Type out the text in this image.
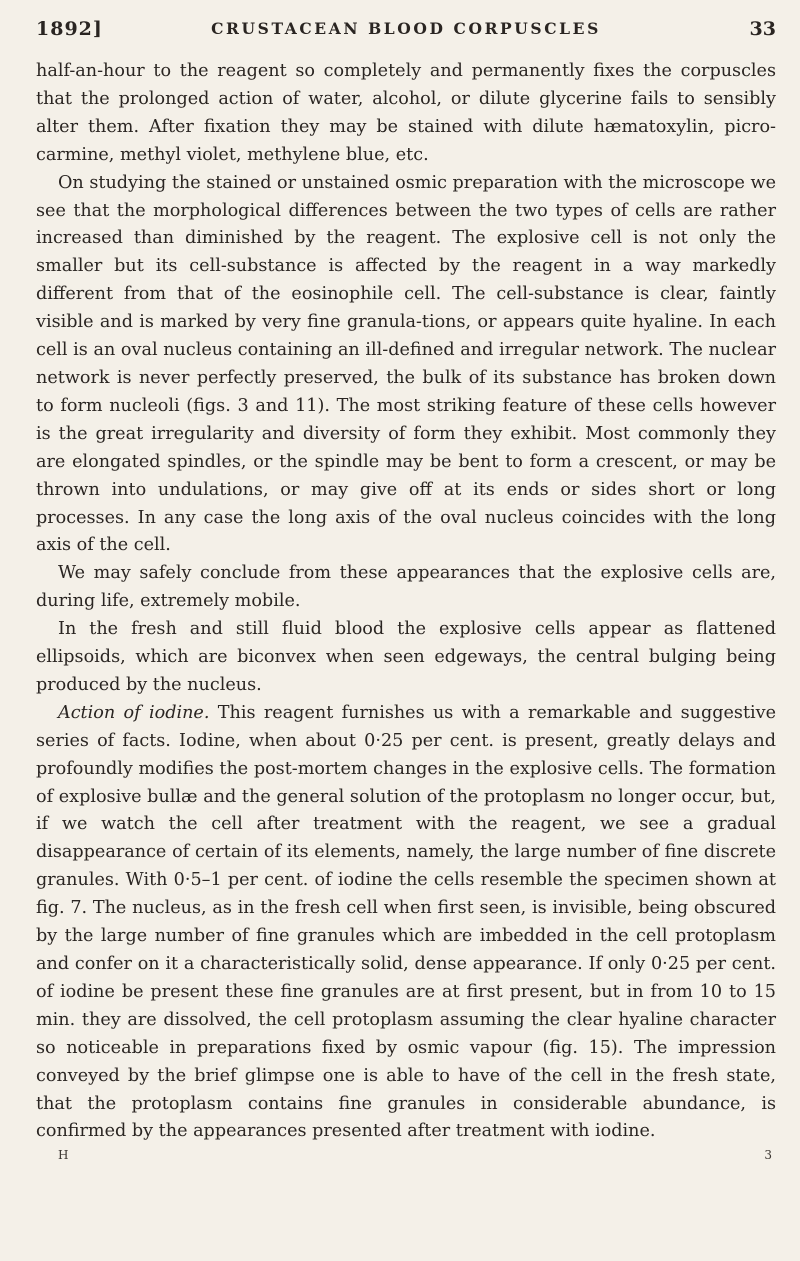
1892]	CRUSTACEAN BLOOD CORPUSCLES	33

half-an-hour to the reagent so completely and permanently fixes the corpuscles that the prolonged action of water, alcohol, or dilute glycerine fails to sensibly alter them. After fixation they may be stained with dilute hæmatoxylin, picro-carmine, methyl violet, methylene blue, etc.

On studying the stained or unstained osmic preparation with the microscope we see that the morphological differences between the two types of cells are rather increased than diminished by the reagent. The explosive cell is not only the smaller but its cell-substance is affected by the reagent in a way markedly different from that of the eosinophile cell. The cell-substance is clear, faintly visible and is marked by very fine granula-tions, or appears quite hyaline. In each cell is an oval nucleus containing an ill-defined and irregular network. The nuclear network is never perfectly preserved, the bulk of its substance has broken down to form nucleoli (figs. 3 and 11). The most striking feature of these cells however is the great irregularity and diversity of form they exhibit. Most commonly they are elongated spindles, or the spindle may be bent to form a crescent, or may be thrown into undulations, or may give off at its ends or sides short or long processes. In any case the long axis of the oval nucleus coincides with the long axis of the cell.

We may safely conclude from these appearances that the explosive cells are, during life, extremely mobile.

In the fresh and still fluid blood the explosive cells appear as flattened ellipsoids, which are biconvex when seen edgeways, the central bulging being produced by the nucleus.

Action of iodine. This reagent furnishes us with a remarkable and suggestive series of facts. Iodine, when about 0·25 per cent. is present, greatly delays and profoundly modifies the post-mortem changes in the explosive cells. The formation of explosive bullæ and the general solution of the protoplasm no longer occur, but, if we watch the cell after treatment with the reagent, we see a gradual disappearance of certain of its elements, namely, the large number of fine discrete granules. With 0·5–1 per cent. of iodine the cells resemble the specimen shown at fig. 7. The nucleus, as in the fresh cell when first seen, is invisible, being obscured by the large number of fine granules which are imbedded in the cell protoplasm and confer on it a characteristically solid, dense appearance. If only 0·25 per cent. of iodine be present these fine granules are at first present, but in from 10 to 15 min. they are dissolved, the cell protoplasm assuming the clear hyaline character so noticeable in preparations fixed by osmic vapour (fig. 15). The impression conveyed by the brief glimpse one is able to have of the cell in the fresh state, that the protoplasm contains fine granules in considerable abundance, is confirmed by the appearances presented after treatment with iodine.

H	3
